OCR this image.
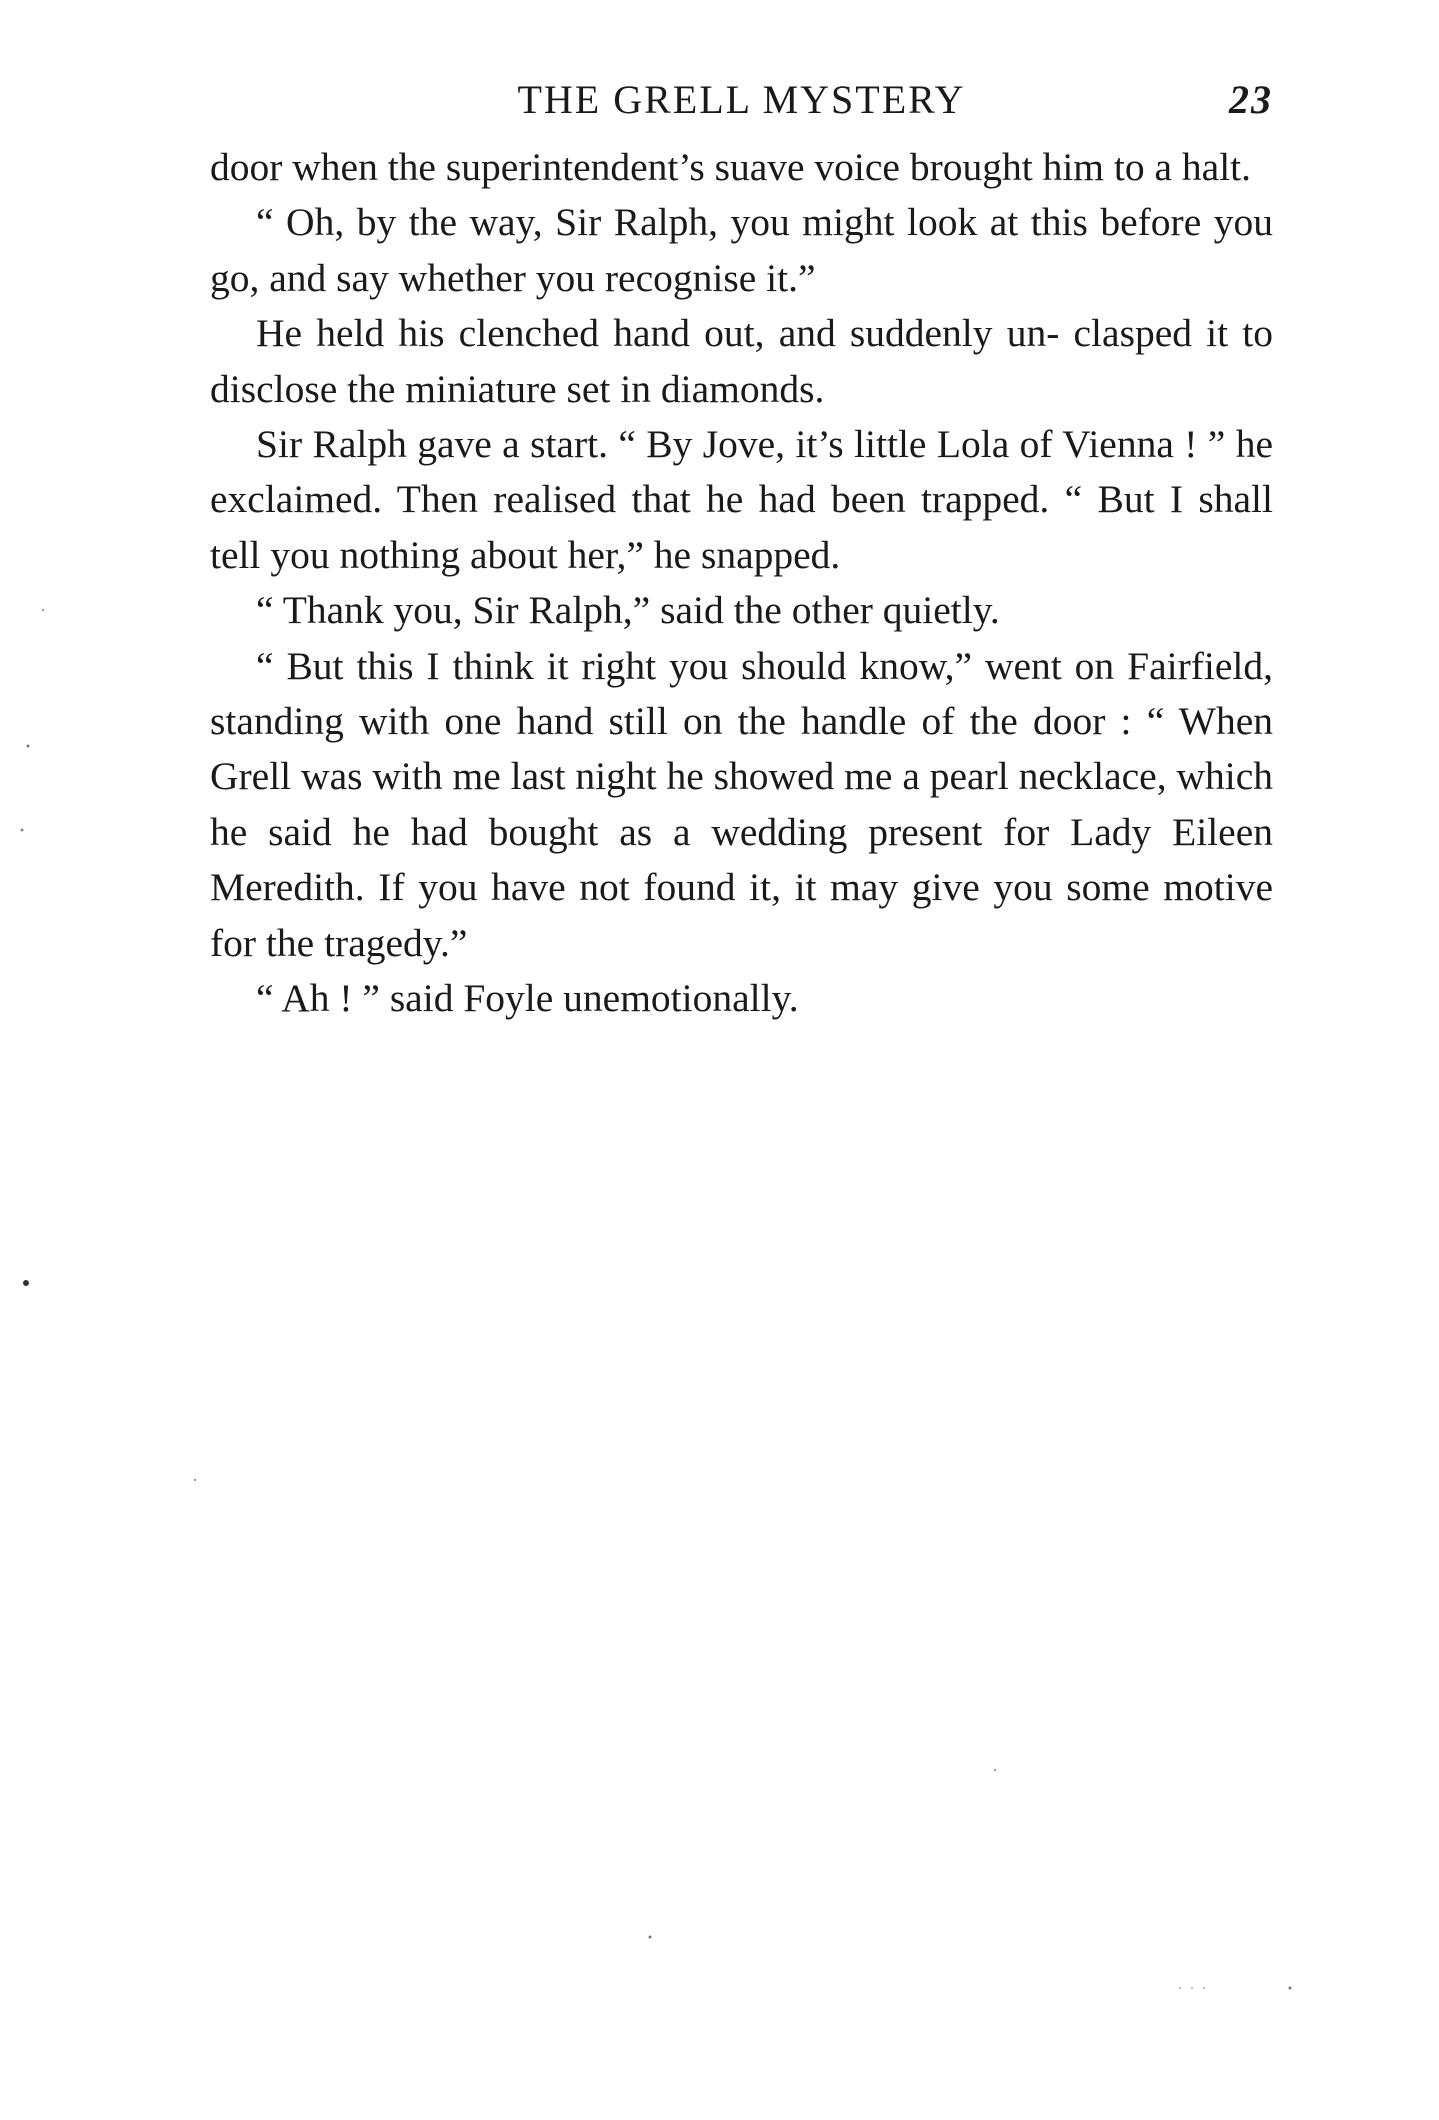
THE GRELL MYSTERY	23

door when the superintendent’s suave voice brought him to a halt.

“ Oh, by the way, Sir Ralph, you might look at this before you go, and say whether you recognise it.”

He held his clenched hand out, and suddenly un- clasped it to disclose the miniature set in diamonds.

Sir Ralph gave a start. “ By Jove, it’s little Lola of Vienna ! ” he exclaimed. Then realised that he had been trapped. “ But I shall tell you nothing about her,” he snapped.

“ Thank you, Sir Ralph,” said the other quietly.

“ But this I think it right you should know,” went on Fairfield, standing with one hand still on the handle of the door : “ When Grell was with me last night he showed me a pearl necklace, which he said he had bought as a wedding present for Lady Eileen Meredith. If you have not found it, it may give you some motive for the tragedy.”

“ Ah ! ” said Foyle unemotionally.
